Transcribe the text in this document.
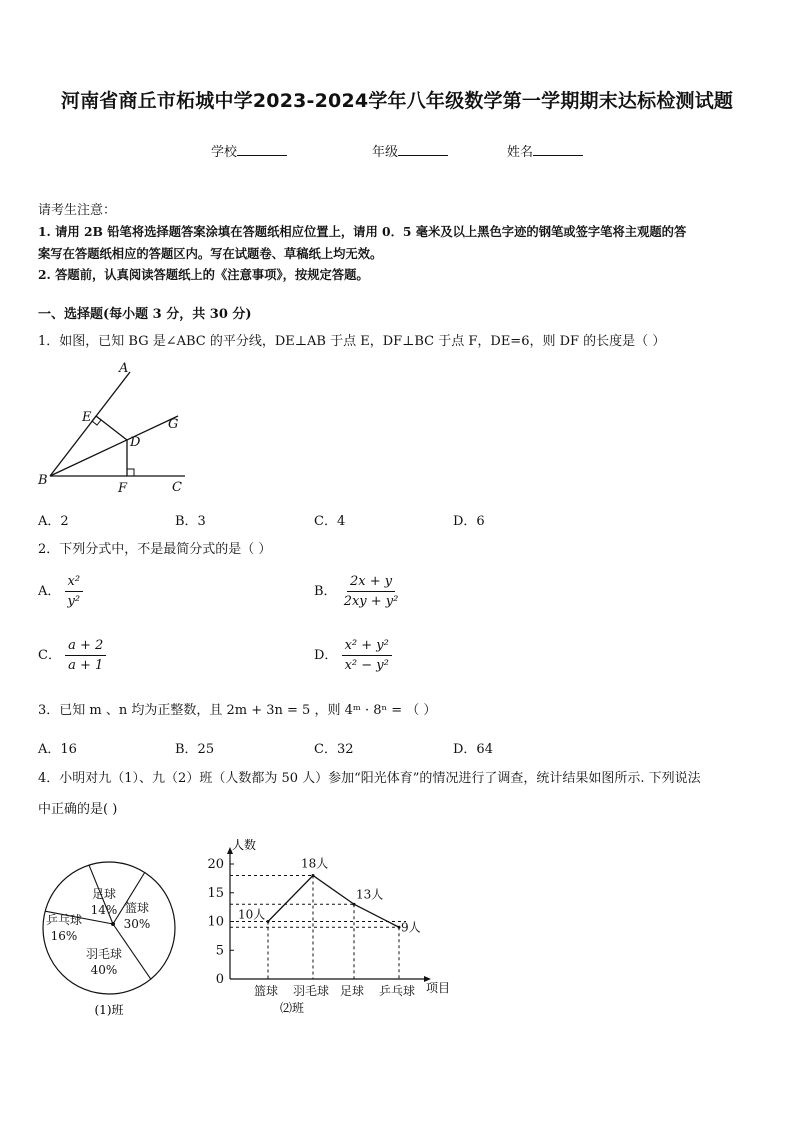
河南省商丘市柘城中学2023-2024学年八年级数学第一学期期末达标检测试题
学校	年级	姓名
请考生注意：
1. 请用 2B 铅笔将选择题答案涂填在答题纸相应位置上，请用 0．5 毫米及以上黑色字迹的钢笔或签字笔将主观题的答
案写在答题纸相应的答题区内。写在试题卷、草稿纸上均无效。
2. 答题前，认真阅读答题纸上的《注意事项》，按规定答题。
一、选择题(每小题 3 分，共 30 分)
1．如图，已知 BG 是∠ABC 的平分线，DE⊥AB 于点 E，DF⊥BC 于点 F，DE=6，则 DF 的长度是（ ）
A
B	C
D
E
F
G
A．2	B．3	C．4	D．6
2．下列分式中，不是最简分式的是（ ）
A． $\frac{\text{x²}}{\text{y²}}$	B． $\frac{2x + y}{\text{2xy + y²}}$
C． $\frac{a + 2}{a + 1}$	D． $\frac{\text{x² + y²}}{\text{x² − y²}}$
3．已知 m 、n 均为正整数，且 2m + 3n = 5 ，则 4ᵐ · 8ⁿ = （ ）
A．16	B．25	C．32	D．64
4．小明对九（1）、九（2）班（人数都为 50 人）参加“阳光体育”的情况进行了调查，统计结果如图所示. 下列说法
中正确的是( )
足球
14% 篮球
30%
羽毛球
40%
乒乓球
16%
(1)班
0
5
10
15
20
10人
18人
13人
9人
篮球 羽毛球 足球 乒乓球
人数
项目
⑵班
